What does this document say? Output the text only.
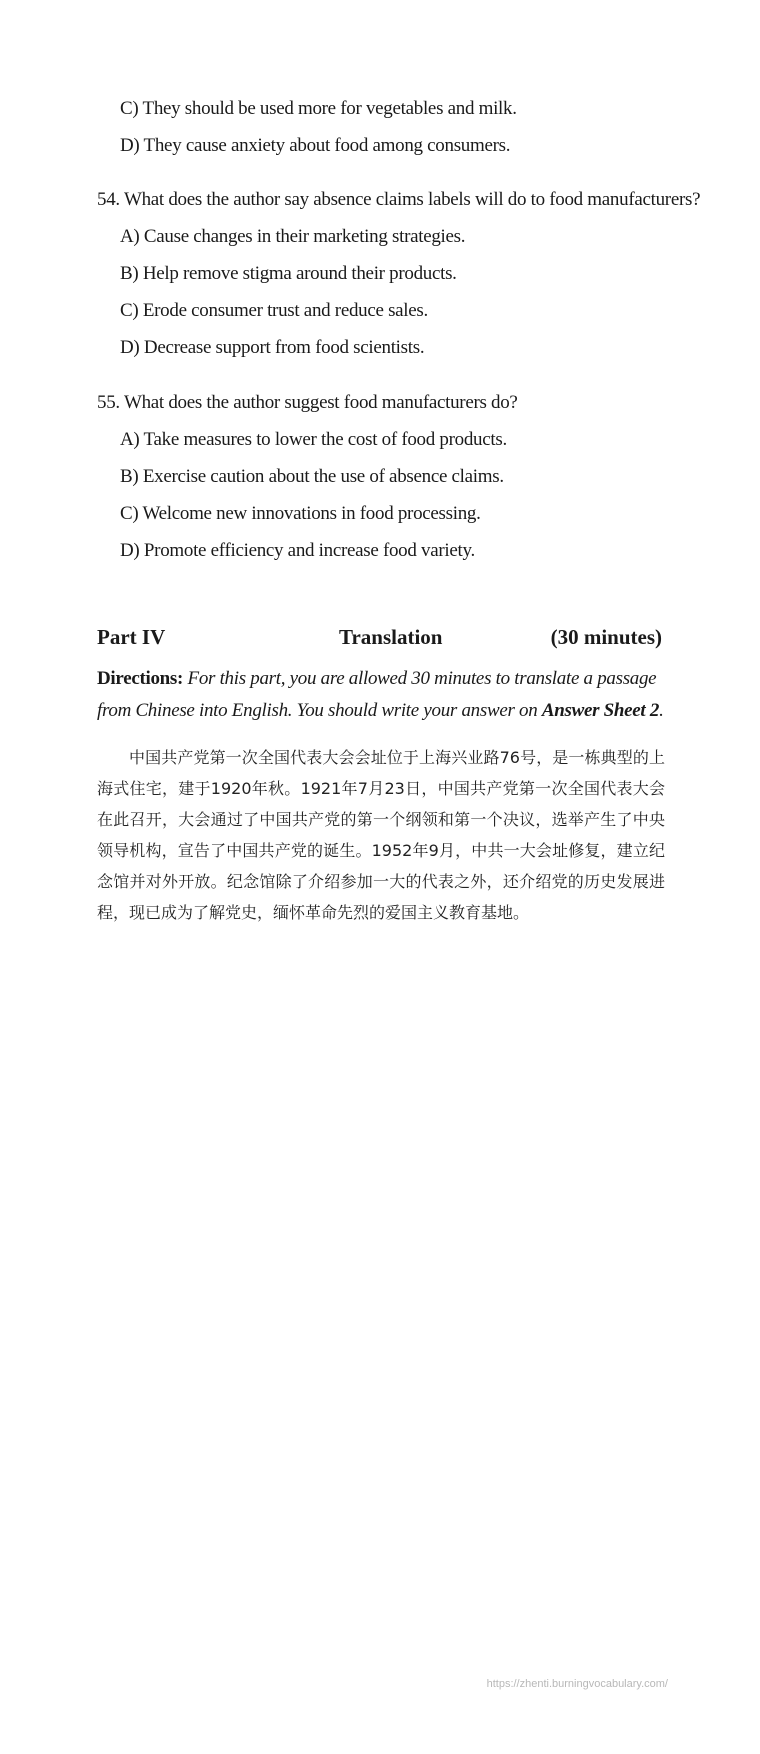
C) They should be used more for vegetables and milk.
D) They cause anxiety about food among consumers.
54. What does the author say absence claims labels will do to food manufacturers?
A) Cause changes in their marketing strategies.
B) Help remove stigma around their products.
C) Erode consumer trust and reduce sales.
D) Decrease support from food scientists.
55. What does the author suggest food manufacturers do?
A) Take measures to lower the cost of food products.
B) Exercise caution about the use of absence claims.
C) Welcome new innovations in food processing.
D) Promote efficiency and increase food variety.
Part IV	Translation	(30 minutes)
Directions: For this part, you are allowed 30 minutes to translate a passage from Chinese into English. You should write your answer on Answer Sheet 2.
中国共产党第一次全国代表大会会址位于上海兴业路76号，是一栋典型的上海式住宅，建于1920年秋。1921年7月23日，中国共产党第一次全国代表大会在此召开，大会通过了中国共产党的第一个纲领和第一个决议，选举产生了中央领导机构，宣告了中国共产党的诞生。1952年9月，中共一大会址修复，建立纪念馆并对外开放。纪念馆除了介绍参加一大的代表之外，还介绍党的历史发展进程，现已成为了解党史，缅怀革命先烈的爱国主义教育基地。
https://zhenti.burningvocabulary.com/
